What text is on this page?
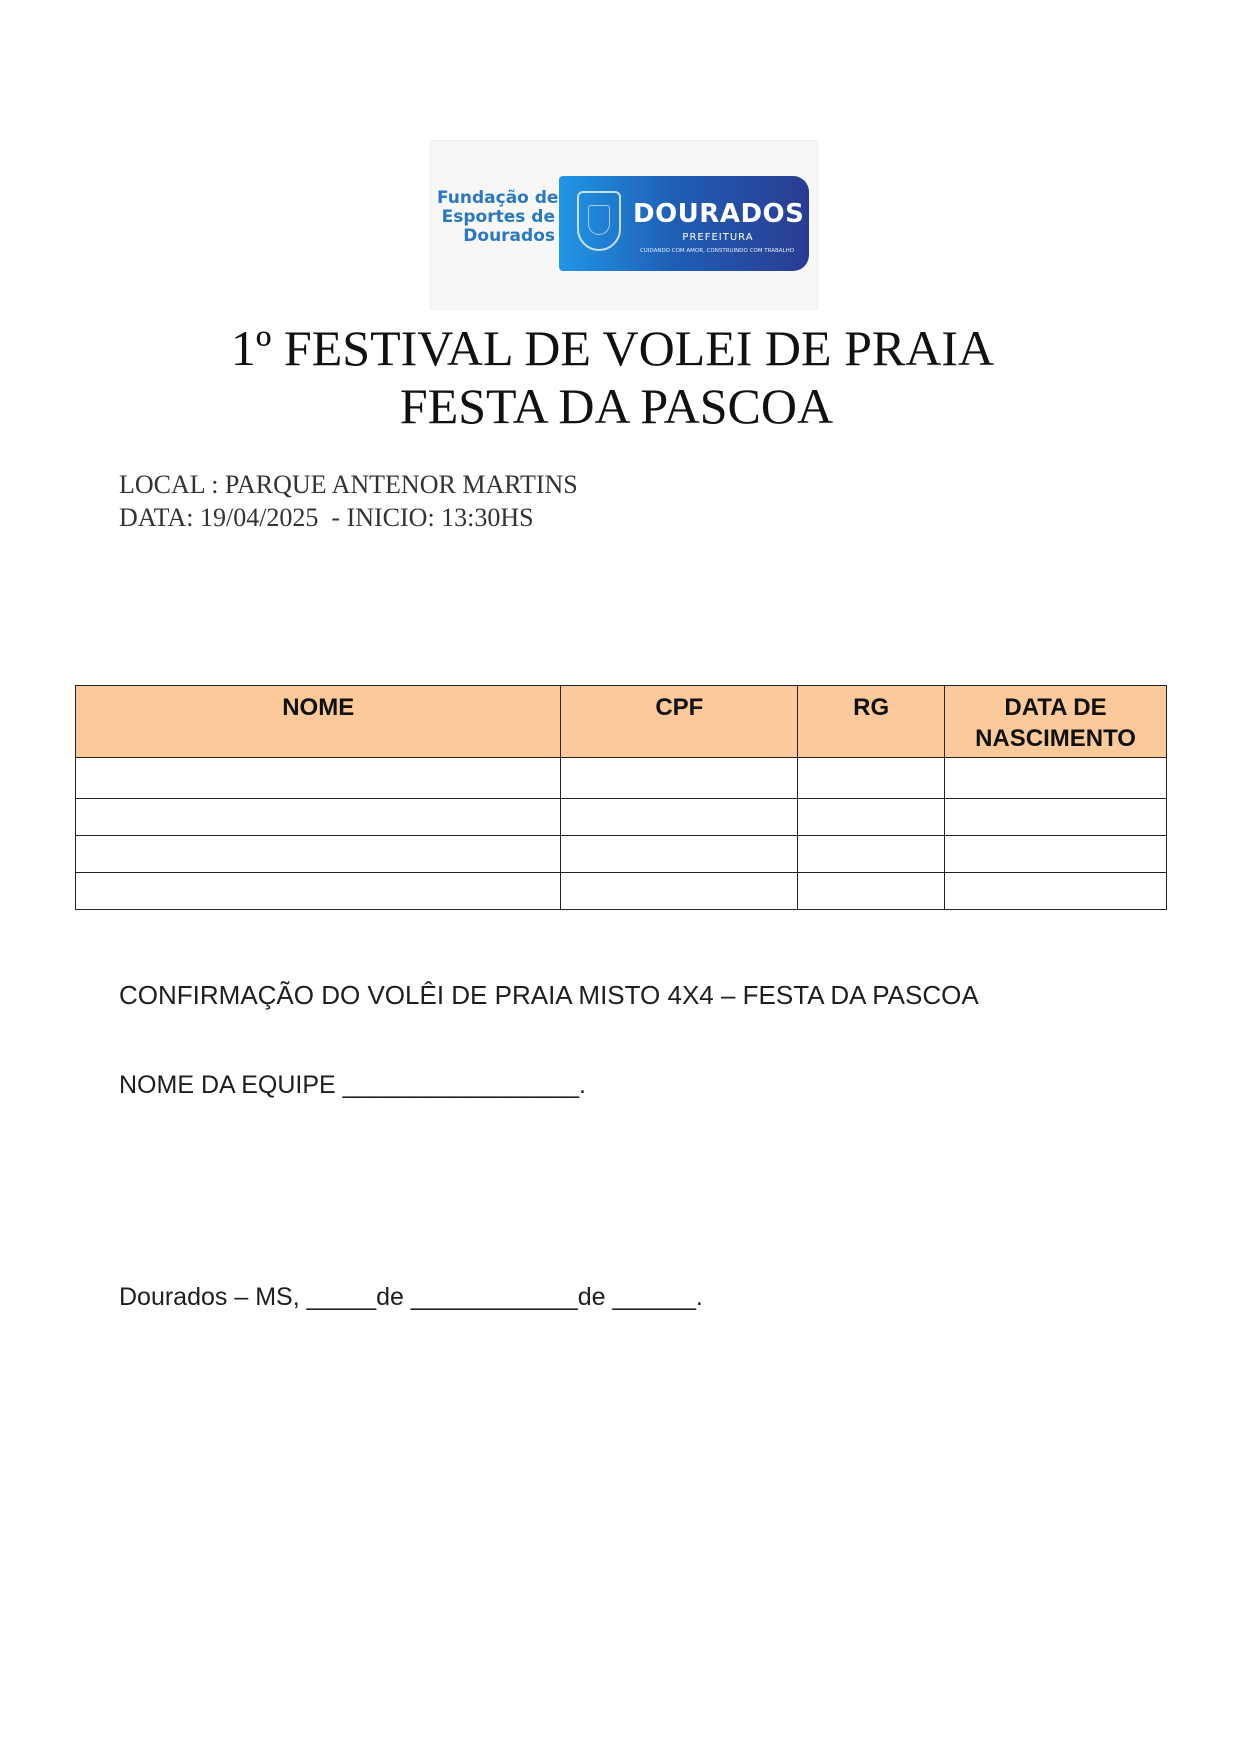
Fundação de
Esportes de
Dourados
DOURADOS
PREFEITURA
CUIDANDO COM AMOR, CONSTRUINDO COM TRABALHO
1º FESTIVAL DE VOLEI DE PRAIA
FESTA DA PASCOA
LOCAL : PARQUE ANTENOR MARTINS
DATA: 19/04/2025  - INICIO: 13:30HS
NOME	CPF	RG	DATA DE NASCIMENTO

CONFIRMAÇÃO DO VOLÊI DE PRAIA MISTO 4X4 – FESTA DA PASCOA
NOME DA EQUIPE _________________.
Dourados – MS, _____de ____________de ______.
